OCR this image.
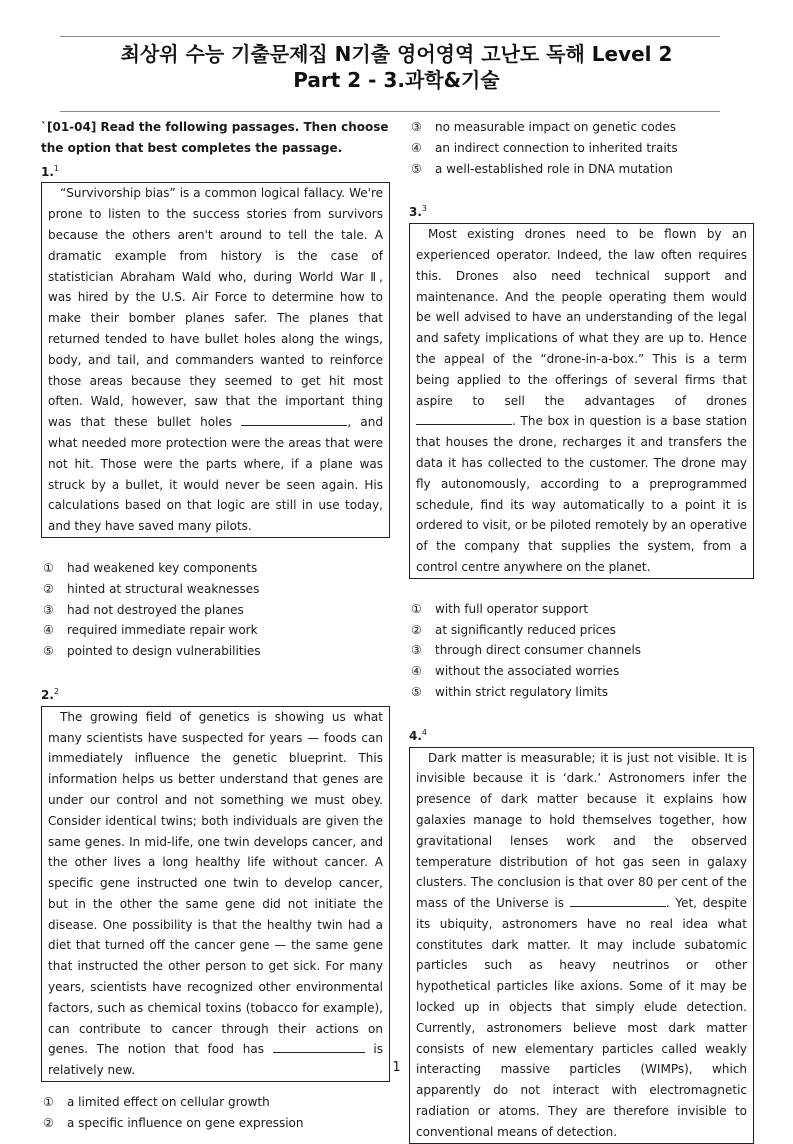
최상위 수능 기출문제집 N기출 영어영역 고난도 독해 Level 2
Part 2 - 3.과학&기술
`[01-04] Read the following passages. Then choose the option that best completes the passage.
1.$^1$

“Survivorship bias” is a common logical fallacy. We're prone to listen to the success stories from survivors because the others aren't around to tell the tale. A dramatic example from history is the case of statistician Abraham Wald who, during World War Ⅱ, was hired by the U.S. Air Force to determine how to make their bomber planes safer. The planes that returned tended to have bullet holes along the wings, body, and tail, and commanders wanted to reinforce those areas because they seemed to get hit most often. Wald, however, saw that the important thing was that these bullet holes	, and what needed more protection were the areas that were not hit. Those were the parts where, if a plane was struck by a bullet, it would never be seen again. His calculations based on that logic are still in use today, and they have saved many pilots.

① had weakened key components
② hinted at structural weaknesses
③ had not destroyed the planes
④ required immediate repair work
⑤ pointed to design vulnerabilities
2.$^2$

The growing field of genetics is showing us what many scientists have suspected for years — foods can immediately influence the genetic blueprint. This information helps us better understand that genes are under our control and not something we must obey. Consider identical twins; both individuals are given the same genes. In mid-life, one twin develops cancer, and the other lives a long healthy life without cancer. A specific gene instructed one twin to develop cancer, but in the other the same gene did not initiate the disease. One possibility is that the healthy twin had a diet that turned off the cancer gene — the same gene that instructed the other person to get sick. For many years, scientists have recognized other environmental factors, such as chemical toxins (tobacco for example), can contribute to cancer through their actions on genes. The notion that food has	is relatively new.

① a limited effect on cellular growth
② a specific influence on gene expression
③ no measurable impact on genetic codes
④ an indirect connection to inherited traits
⑤ a well-established role in DNA mutation
3.$^3$

Most existing drones need to be flown by an experienced operator. Indeed, the law often requires this. Drones also need technical support and maintenance. And the people operating them would be well advised to have an understanding of the legal and safety implications of what they are up to. Hence the appeal of the “drone-in-a-box.” This is a term being applied to the offerings of several firms that aspire to sell the advantages of drones . The box in question is a base station that houses the drone, recharges it and transfers the data it has collected to the customer. The drone may fly autonomously, according to a preprogrammed schedule, find its way automatically to a point it is ordered to visit, or be piloted remotely by an operative of the company that supplies the system, from a control centre anywhere on the planet.

① with full operator support
② at significantly reduced prices
③ through direct consumer channels
④ without the associated worries
⑤ within strict regulatory limits
4.$^4$

Dark matter is measurable; it is just not visible. It is invisible because it is ‘dark.’ Astronomers infer the presence of dark matter because it explains how galaxies manage to hold themselves together, how gravitational lenses work and the observed temperature distribution of hot gas seen in galaxy clusters. The conclusion is that over 80 per cent of the mass of the Universe is	. Yet, despite its ubiquity, astronomers have no real idea what constitutes dark matter. It may include subatomic particles such as heavy neutrinos or other hypothetical particles like axions. Some of it may be locked up in objects that simply elude detection. Currently, astronomers believe most dark matter consists of new elementary particles called weakly interacting massive particles (WIMPs), which apparently do not interact with electromagnetic radiation or atoms. They are therefore invisible to conventional means of detection.

1
